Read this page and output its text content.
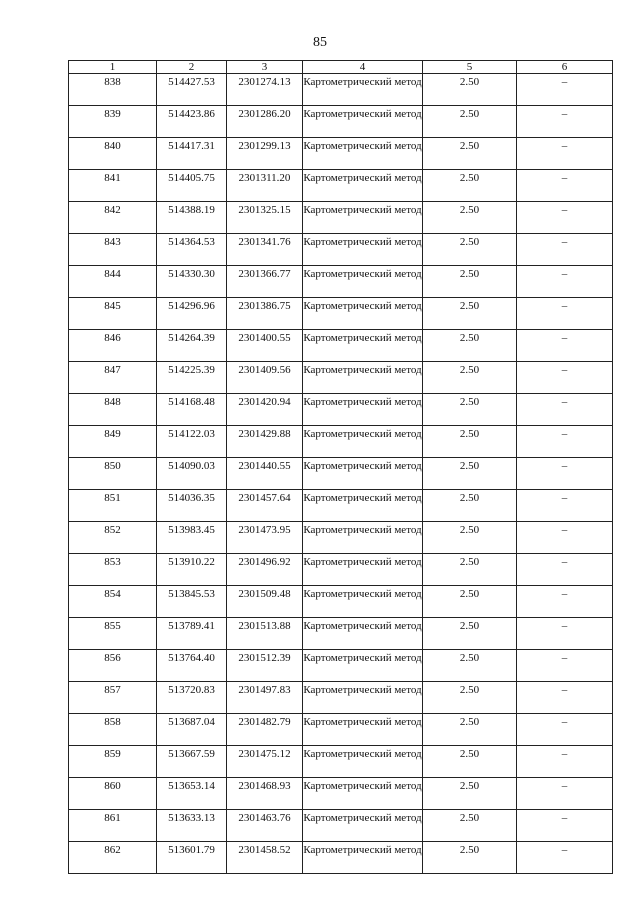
85
1	2	3	4	5	6
838	514427.53	2301274.13	Картометрический метод	2.50	–
839	514423.86	2301286.20	Картометрический метод	2.50	–
840	514417.31	2301299.13	Картометрический метод	2.50	–
841	514405.75	2301311.20	Картометрический метод	2.50	–
842	514388.19	2301325.15	Картометрический метод	2.50	–
843	514364.53	2301341.76	Картометрический метод	2.50	–
844	514330.30	2301366.77	Картометрический метод	2.50	–
845	514296.96	2301386.75	Картометрический метод	2.50	–
846	514264.39	2301400.55	Картометрический метод	2.50	–
847	514225.39	2301409.56	Картометрический метод	2.50	–
848	514168.48	2301420.94	Картометрический метод	2.50	–
849	514122.03	2301429.88	Картометрический метод	2.50	–
850	514090.03	2301440.55	Картометрический метод	2.50	–
851	514036.35	2301457.64	Картометрический метод	2.50	–
852	513983.45	2301473.95	Картометрический метод	2.50	–
853	513910.22	2301496.92	Картометрический метод	2.50	–
854	513845.53	2301509.48	Картометрический метод	2.50	–
855	513789.41	2301513.88	Картометрический метод	2.50	–
856	513764.40	2301512.39	Картометрический метод	2.50	–
857	513720.83	2301497.83	Картометрический метод	2.50	–
858	513687.04	2301482.79	Картометрический метод	2.50	–
859	513667.59	2301475.12	Картометрический метод	2.50	–
860	513653.14	2301468.93	Картометрический метод	2.50	–
861	513633.13	2301463.76	Картометрический метод	2.50	–
862	513601.79	2301458.52	Картометрический метод	2.50	–
